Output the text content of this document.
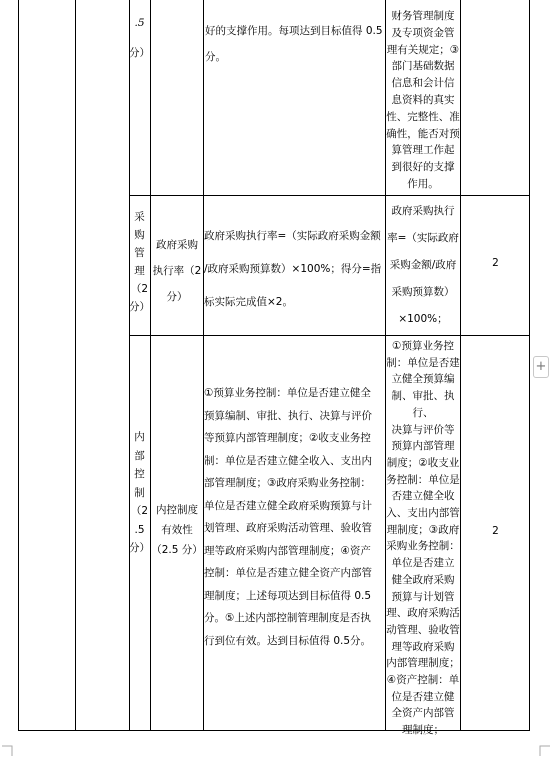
.5
分）
好的支撑作用。每项达到目标值得 0.5
分。
财务管理制度
及专项资金管
理有关规定；③
部门基础数据
信息和会计信
息资料的真实
性、完整性、准
确性，能否对预
算管理工作起
到很好的支撑
作用。
采
购
管
理
（2
分）
政府采购
执行率（2
分）
政府采购执行率=（实际政府采购金额
/政府采购预算数）×100%；得分=指
标实际完成值×2。
政府采购执行
率=（实际政府
采购金额/政府
采购预算数）
×100%；
2
内
部
控
制
（2
.5
分）
内控制度
有效性
（2.5 分）
①预算业务控制：单位是否建立健全
预算编制、审批、执行、决算与评价
等预算内部管理制度；②收支业务控
制：单位是否建立健全收入、支出内
部管理制度；③政府采购业务控制：
单位是否建立健全政府采购预算与计
划管理、政府采购活动管理、验收管
理等政府采购内部管理制度；④资产
控制：单位是否建立健全资产内部管
理制度；上述每项达到目标值得 0.5
分。⑤上述内部控制管理制度是否执
行到位有效。达到目标值得 0.5分。
①预算业务控
制：单位是否建
立健全预算编
制、审批、执行、
决算与评价等
预算内部管理
制度；②收支业
务控制：单位是
否建立健全收
入、支出内部管
理制度；③政府
采购业务控制：
单位是否建立
健全政府采购
预算与计划管
理、政府采购活
动管理、验收管
理等政府采购
内部管理制度；
④资产控制：单
位是否建立健
全资产内部管
理制度；
2
+
